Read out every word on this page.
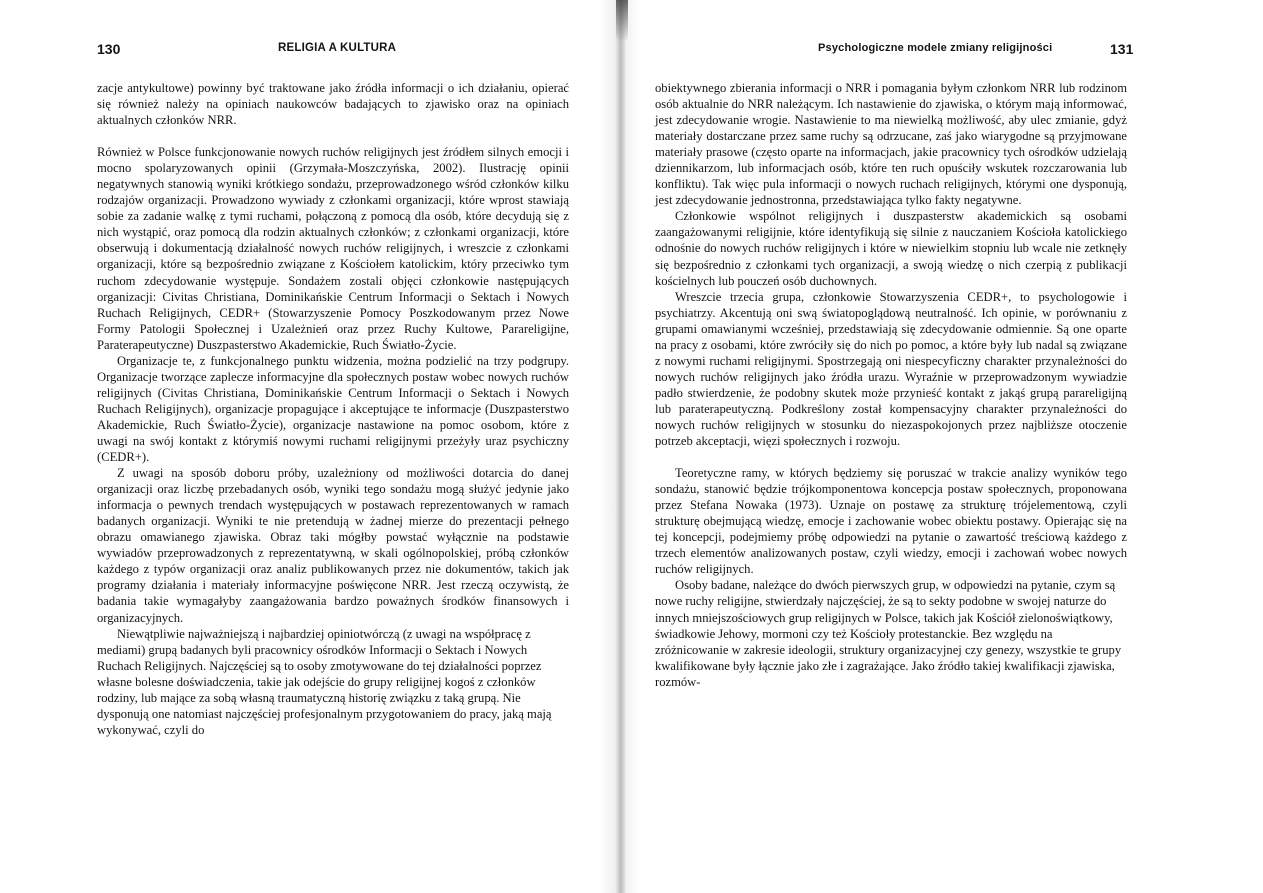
130	RELIGIA A KULTURA

zacje antykultowe) powinny być traktowane jako źródła informacji o ich działaniu, opierać się również należy na opiniach naukowców badających to zjawisko oraz na opiniach aktualnych członków NRR.

Również w Polsce funkcjonowanie nowych ruchów religijnych jest źródłem silnych emocji i mocno spolaryzowanych opinii (Grzymała-Moszczyńska, 2002). Ilustrację opinii negatywnych stanowią wyniki krótkiego sondażu, przeprowadzonego wśród członków kilku rodzajów organizacji. Prowadzono wywiady z członkami organizacji, które wprost stawiają sobie za zadanie walkę z tymi ruchami, połączoną z pomocą dla osób, które decydują się z nich wystąpić, oraz pomocą dla rodzin aktualnych członków; z członkami organizacji, które obserwują i dokumentacją działalność nowych ruchów religijnych, i wreszcie z członkami organizacji, które są bezpośrednio związane z Kościołem katolickim, który przeciwko tym ruchom zdecydowanie występuje. Sondażem zostali objęci członkowie następujących organizacji: Civitas Christiana, Dominikańskie Centrum Informacji o Sektach i Nowych Ruchach Religijnych, CEDR+ (Stowarzyszenie Pomocy Poszkodowanym przez Nowe Formy Patologii Społecznej i Uzależnień oraz przez Ruchy Kultowe, Parareligijne, Paraterapeutyczne) Duszpasterstwo Akademickie, Ruch Światło-Życie.

Organizacje te, z funkcjonalnego punktu widzenia, można podzielić na trzy podgrupy. Organizacje tworzące zaplecze informacyjne dla społecznych postaw wobec nowych ruchów religijnych (Civitas Christiana, Dominikańskie Centrum Informacji o Sektach i Nowych Ruchach Religijnych), organizacje propagujące i akceptujące te informacje (Duszpasterstwo Akademickie, Ruch Światło-Życie), organizacje nastawione na pomoc osobom, które z uwagi na swój kontakt z którymiś nowymi ruchami religijnymi przeżyły uraz psychiczny (CEDR+).

Z uwagi na sposób doboru próby, uzależniony od możliwości dotarcia do danej organizacji oraz liczbę przebadanych osób, wyniki tego sondażu mogą służyć jedynie jako informacja o pewnych trendach występujących w postawach reprezentowanych w ramach badanych organizacji. Wyniki te nie pretendują w żadnej mierze do prezentacji pełnego obrazu omawianego zjawiska. Obraz taki mógłby powstać wyłącznie na podstawie wywiadów przeprowadzonych z reprezentatywną, w skali ogólnopolskiej, próbą członków każdego z typów organizacji oraz analiz publikowanych przez nie dokumentów, takich jak programy działania i materiały informacyjne poświęcone NRR. Jest rzeczą oczywistą, że badania takie wymagałyby zaangażowania bardzo poważnych środków finansowych i organizacyjnych.

Niewątpliwie najważniejszą i najbardziej opiniotwórczą (z uwagi na współpracę z mediami) grupą badanych byli pracownicy ośrodków Informacji o Sektach i Nowych Ruchach Religijnych. Najczęściej są to osoby zmotywowane do tej działalności poprzez własne bolesne doświadczenia, takie jak odejście do grupy religijnej kogoś z członków rodziny, lub mające za sobą własną traumatyczną historię związku z taką grupą. Nie dysponują one natomiast najczęściej profesjonalnym przygotowaniem do pracy, jaką mają wykonywać, czyli do

Psychologiczne modele zmiany religijności	131

obiektywnego zbierania informacji o NRR i pomagania byłym członkom NRR lub rodzinom osób aktualnie do NRR należącym. Ich nastawienie do zjawiska, o którym mają informować, jest zdecydowanie wrogie. Nastawienie to ma niewielką możliwość, aby ulec zmianie, gdyż materiały dostarczane przez same ruchy są odrzucane, zaś jako wiarygodne są przyjmowane materiały prasowe (często oparte na informacjach, jakie pracownicy tych ośrodków udzielają dziennikarzom, lub informacjach osób, które ten ruch opuściły wskutek rozczarowania lub konfliktu). Tak więc pula informacji o nowych ruchach religijnych, którymi one dysponują, jest zdecydowanie jednostronna, przedstawiająca tylko fakty negatywne.

Członkowie wspólnot religijnych i duszpasterstw akademickich są osobami zaangażowanymi religijnie, które identyfikują się silnie z nauczaniem Kościoła katolickiego odnośnie do nowych ruchów religijnych i które w niewielkim stopniu lub wcale nie zetknęły się bezpośrednio z członkami tych organizacji, a swoją wiedzę o nich czerpią z publikacji kościelnych lub pouczeń osób duchownych.

Wreszcie trzecia grupa, członkowie Stowarzyszenia CEDR+, to psychologowie i psychiatrzy. Akcentują oni swą światopoglądową neutralność. Ich opinie, w porównaniu z grupami omawianymi wcześniej, przedstawiają się zdecydowanie odmiennie. Są one oparte na pracy z osobami, które zwróciły się do nich po pomoc, a które były lub nadal są związane z nowymi ruchami religijnymi. Spostrzegają oni niespecyficzny charakter przynależności do nowych ruchów religijnych jako źródła urazu. Wyraźnie w przeprowadzonym wywiadzie padło stwierdzenie, że podobny skutek może przynieść kontakt z jakąś grupą parareligijną lub paraterapeutyczną. Podkreślony został kompensacyjny charakter przynależności do nowych ruchów religijnych w stosunku do niezaspokojonych przez najbliższe otoczenie potrzeb akceptacji, więzi społecznych i rozwoju.

Teoretyczne ramy, w których będziemy się poruszać w trakcie analizy wyników tego sondażu, stanowić będzie trójkomponentowa koncepcja postaw społecznych, proponowana przez Stefana Nowaka (1973). Uznaje on postawę za strukturę trójelementową, czyli strukturę obejmującą wiedzę, emocje i zachowanie wobec obiektu postawy. Opierając się na tej koncepcji, podejmiemy próbę odpowiedzi na pytanie o zawartość treściową każdego z trzech elementów analizowanych postaw, czyli wiedzy, emocji i zachowań wobec nowych ruchów religijnych.

Osoby badane, należące do dwóch pierwszych grup, w odpowiedzi na pytanie, czym są nowe ruchy religijne, stwierdzały najczęściej, że są to sekty podobne w swojej naturze do innych mniejszościowych grup religijnych w Polsce, takich jak Kościół zielonoświątkowy, świadkowie Jehowy, mormoni czy też Kościoły protestanckie. Bez względu na zróżnicowanie w zakresie ideologii, struktury organizacyjnej czy genezy, wszystkie te grupy kwalifikowane były łącznie jako złe i zagrażające. Jako źródło takiej kwalifikacji zjawiska, rozmów-
